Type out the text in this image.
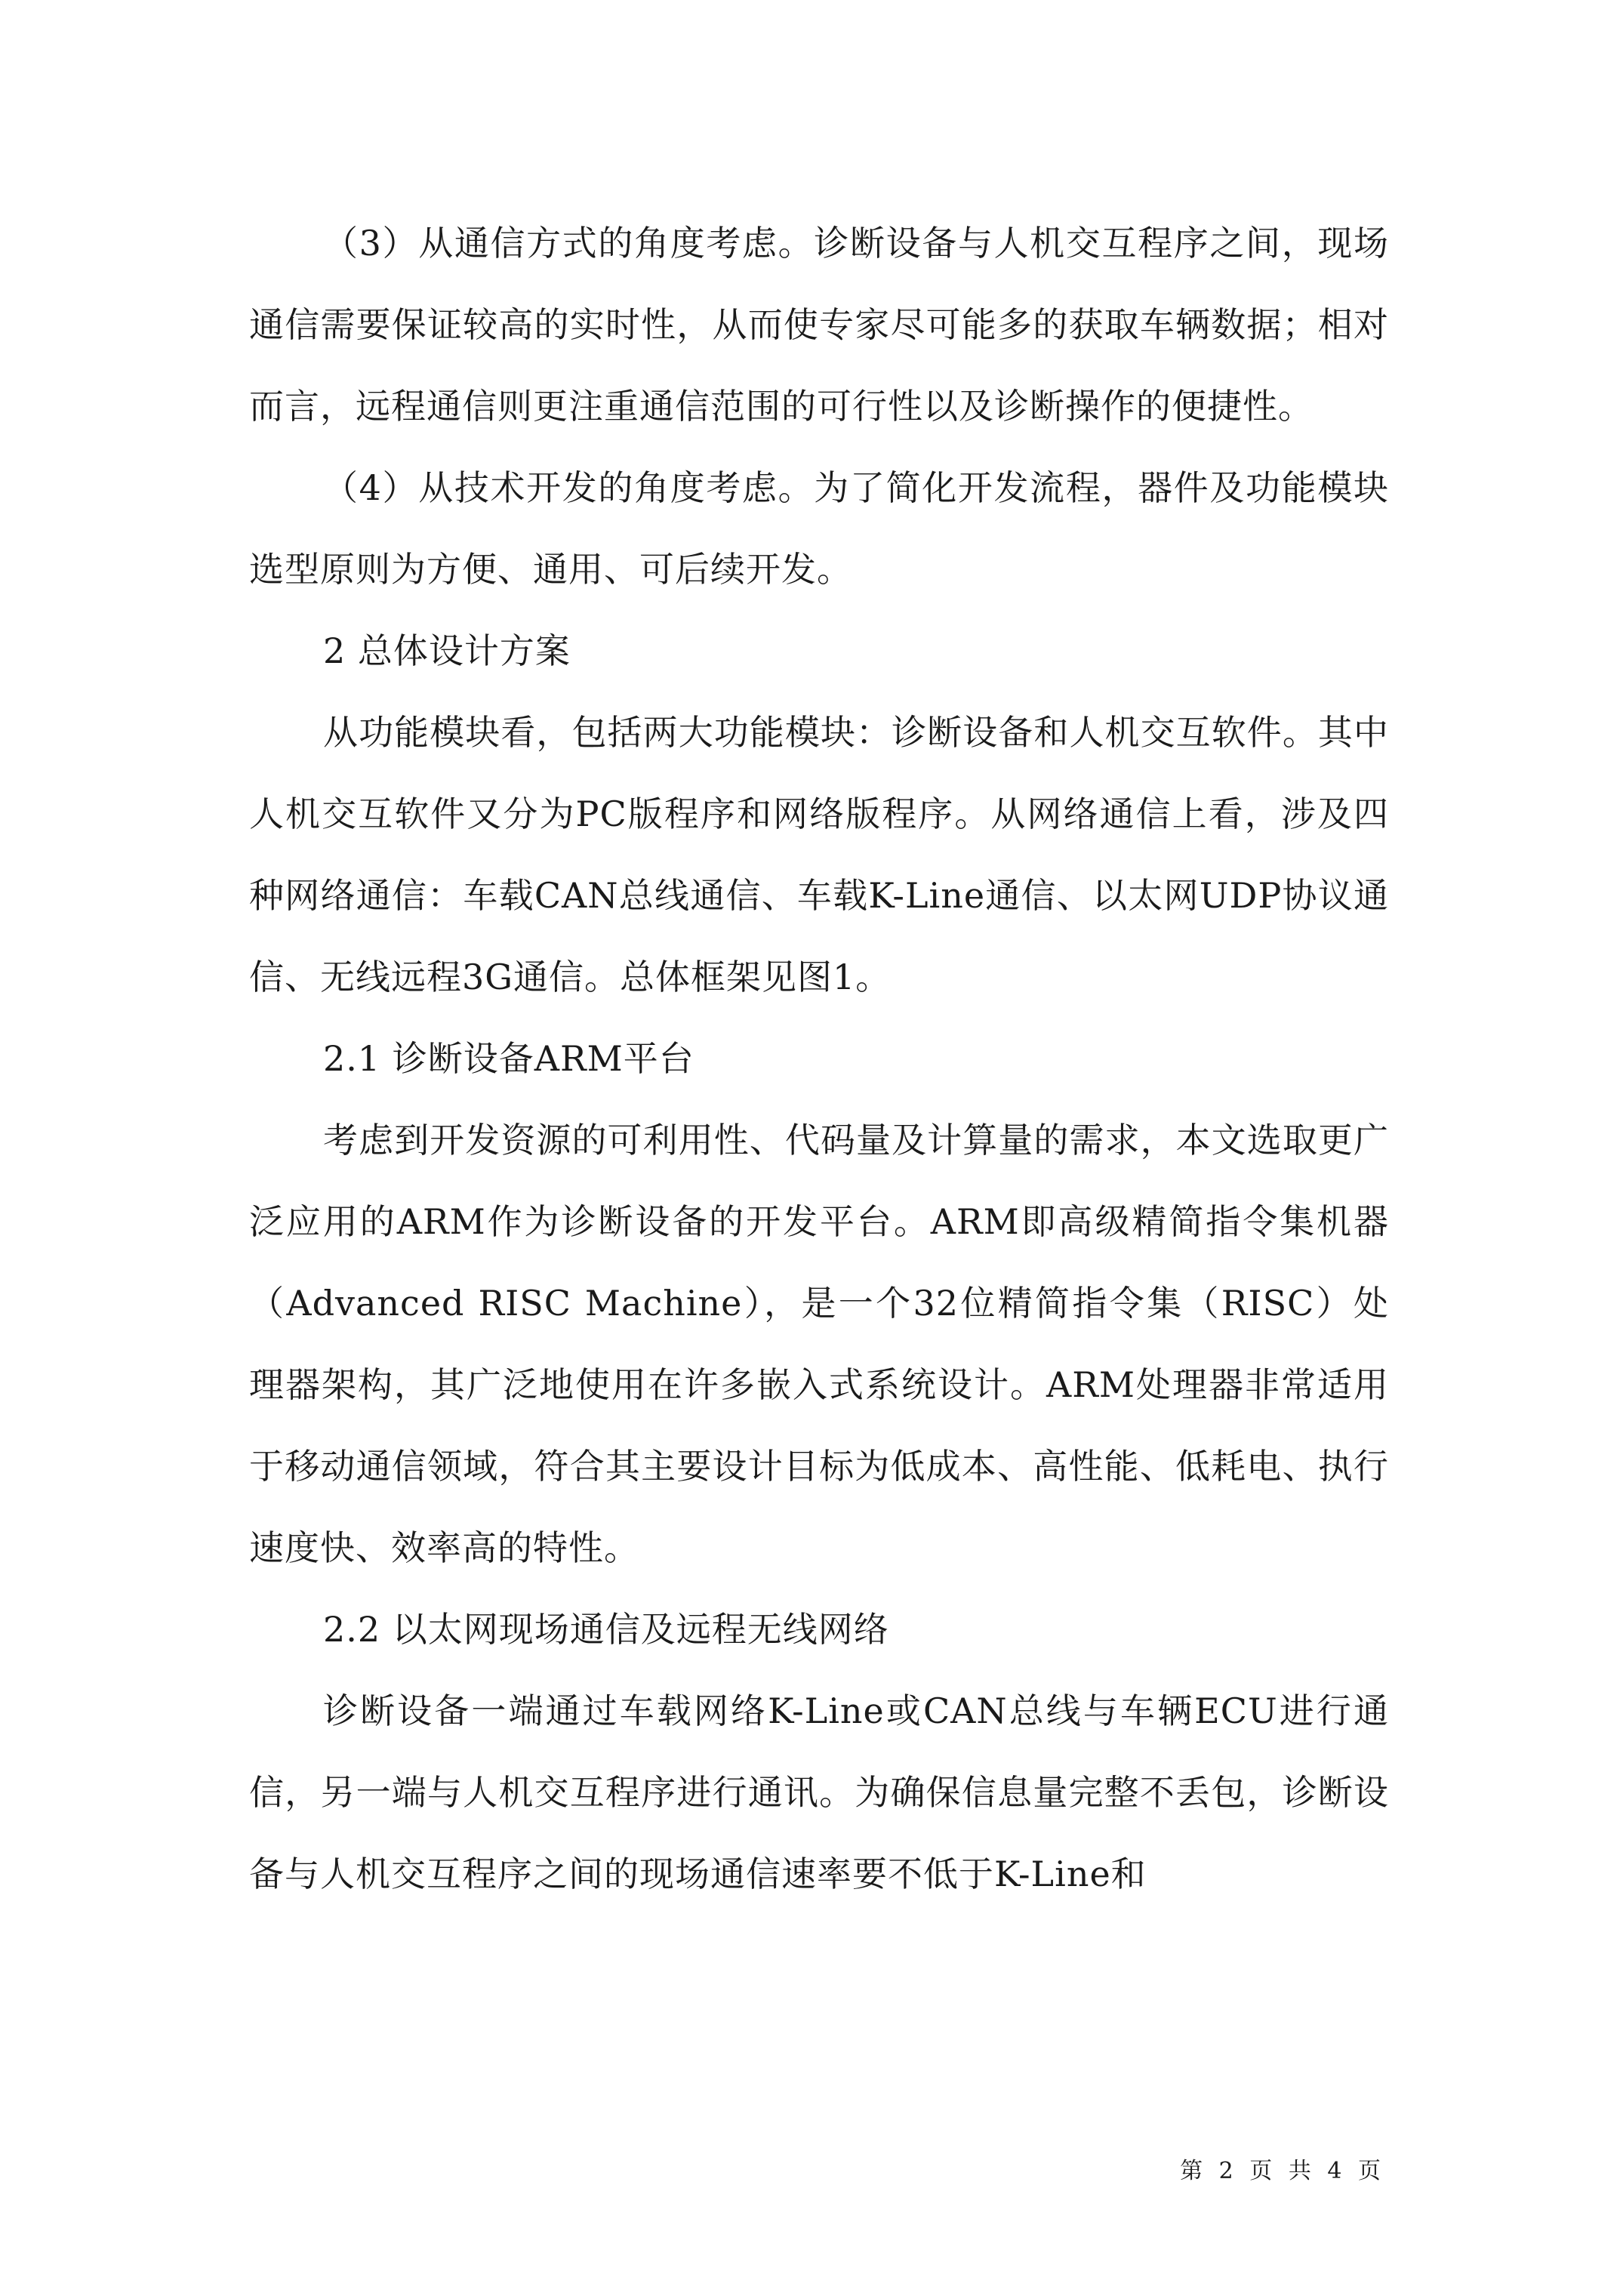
（3）从通信方式的角度考虑。诊断设备与人机交互程序之间，现场通信需要保证较高的实时性，从而使专家尽可能多的获取车辆数据；相对而言，远程通信则更注重通信范围的可行性以及诊断操作的便捷性。

（4）从技术开发的角度考虑。为了简化开发流程，器件及功能模块选型原则为方便、通用、可后续开发。

2 总体设计方案

从功能模块看，包括两大功能模块：诊断设备和人机交互软件。其中人机交互软件又分为PC版程序和网络版程序。从网络通信上看，涉及四种网络通信：车载CAN总线通信、车载K-Line通信、以太网UDP协议通信、无线远程3G通信。总体框架见图1。

2.1 诊断设备ARM平台

考虑到开发资源的可利用性、代码量及计算量的需求，本文选取更广泛应用的ARM作为诊断设备的开发平台。ARM即高级精简指令集机器（Advanced RISC Machine），是一个32位精简指令集（RISC）处理器架构，其广泛地使用在许多嵌入式系统设计。ARM处理器非常适用于移动通信领域，符合其主要设计目标为低成本、高性能、低耗电、执行速度快、效率高的特性。

2.2 以太网现场通信及远程无线网络

诊断设备一端通过车载网络K-Line或CAN总线与车辆ECU进行通信，另一端与人机交互程序进行通讯。为确保信息量完整不丢包，诊断设备与人机交互程序之间的现场通信速率要不低于K-Line和

第 2 页 共 4 页
